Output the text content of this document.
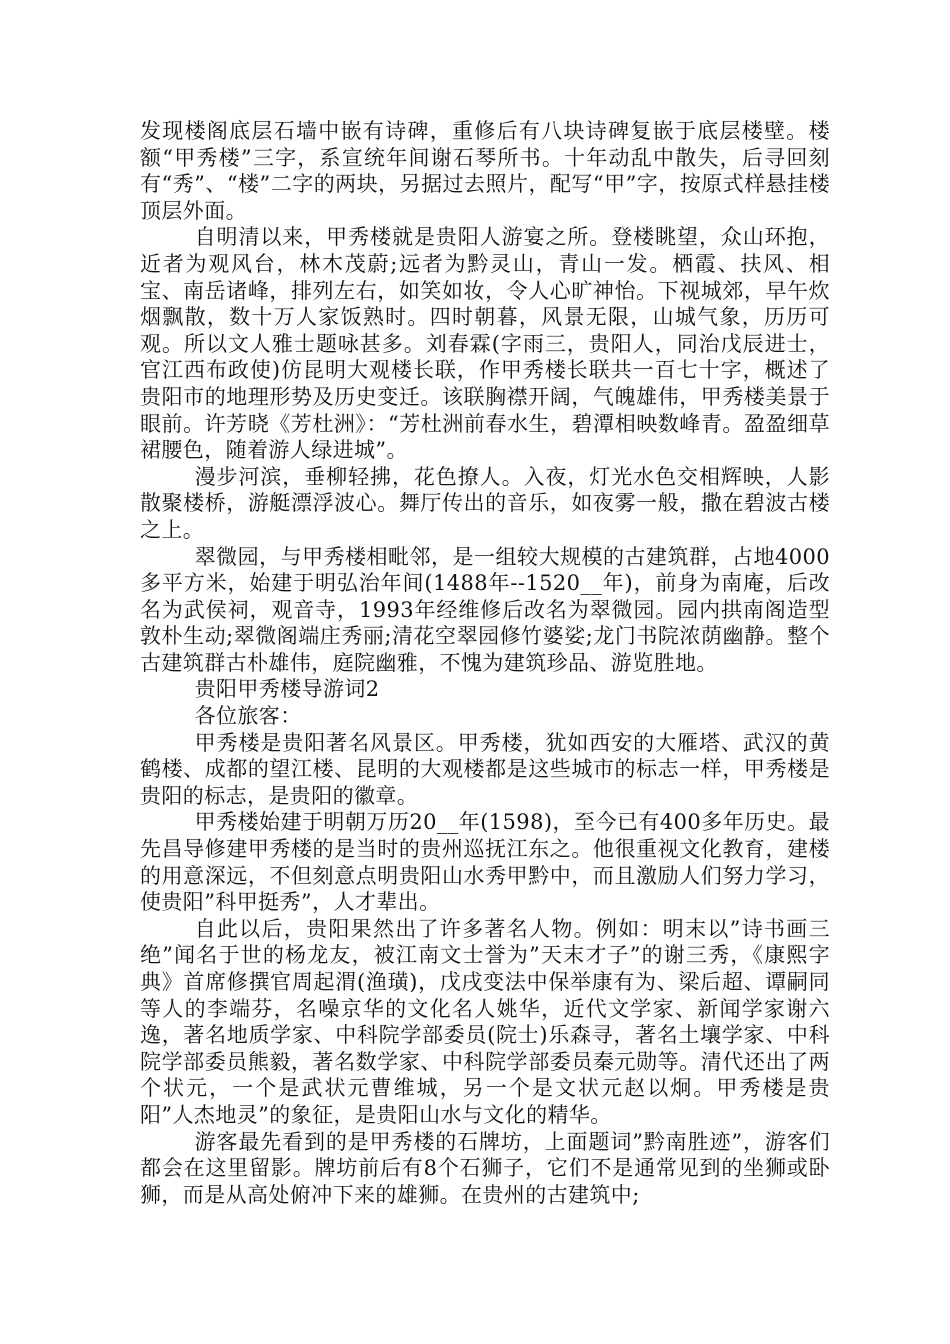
发现楼阁底层石墙中嵌有诗碑，重修后有八块诗碑复嵌于底层楼壁。楼额“甲秀楼”三字，系宣统年间谢石琴所书。十年动乱中散失，后寻回刻有“秀”、“楼”二字的两块，另据过去照片，配写“甲”字，按原式样悬挂楼顶层外面。

自明清以来，甲秀楼就是贵阳人游宴之所。登楼眺望，众山环抱，近者为观风台，林木茂蔚;远者为黔灵山，青山一发。栖霞、扶风、相宝、南岳诸峰，排列左右，如笑如妆，令人心旷神怡。下视城郊，早午炊烟飘散，数十万人家饭熟时。四时朝暮，风景无限，山城气象，历历可观。所以文人雅士题咏甚多。刘春霖(字雨三，贵阳人，同治戊辰进士，官江西布政使)仿昆明大观楼长联，作甲秀楼长联共一百七十字，概述了贵阳市的地理形势及历史变迁。该联胸襟开阔，气魄雄伟，甲秀楼美景于眼前。许芳晓《芳杜洲》：“芳杜洲前春水生，碧潭相映数峰青。盈盈细草裙腰色，随着游人绿进城”。

漫步河滨，垂柳轻拂，花色撩人。入夜，灯光水色交相辉映，人影散聚楼桥，游艇漂浮波心。舞厅传出的音乐，如夜雾一般，撒在碧波古楼之上。

翠微园，与甲秀楼相毗邻，是一组较大规模的古建筑群，占地4000多平方米，始建于明弘治年间(1488年--1520__年)，前身为南庵，后改名为武侯祠，观音寺，1993年经维修后改名为翠微园。园内拱南阁造型敦朴生动;翠微阁端庄秀丽;清花空翠园修竹婆娑;龙门书院浓荫幽静。整个古建筑群古朴雄伟，庭院幽雅，不愧为建筑珍品、游览胜地。

贵阳甲秀楼导游词2

各位旅客：

甲秀楼是贵阳著名风景区。甲秀楼，犹如西安的大雁塔、武汉的黄鹤楼、成都的望江楼、昆明的大观楼都是这些城市的标志一样，甲秀楼是贵阳的标志，是贵阳的徽章。

甲秀楼始建于明朝万历20__年(1598)，至今已有400多年历史。最先昌导修建甲秀楼的是当时的贵州巡抚江东之。他很重视文化教育，建楼的用意深远，不但刻意点明贵阳山水秀甲黔中，而且激励人们努力学习，使贵阳”科甲挺秀”，人才辈出。

自此以后，贵阳果然出了许多著名人物。例如：明末以”诗书画三绝”闻名于世的杨龙友，被江南文士誉为”天末才子”的谢三秀，《康熙字典》首席修撰官周起渭(渔璜)，戊戌变法中保举康有为、梁后超、谭嗣同等人的李端芬，名噪京华的文化名人姚华，近代文学家、新闻学家谢六逸，著名地质学家、中科院学部委员(院士)乐森寻，著名土壤学家、中科院学部委员熊毅，著名数学家、中科院学部委员秦元勋等。清代还出了两个状元，一个是武状元曹维城，另一个是文状元赵以炯。甲秀楼是贵阳”人杰地灵”的象征，是贵阳山水与文化的精华。

游客最先看到的是甲秀楼的石牌坊，上面题词”黔南胜迹”，游客们都会在这里留影。牌坊前后有8个石狮子，它们不是通常见到的坐狮或卧狮，而是从高处俯冲下来的雄狮。在贵州的古建筑中;
